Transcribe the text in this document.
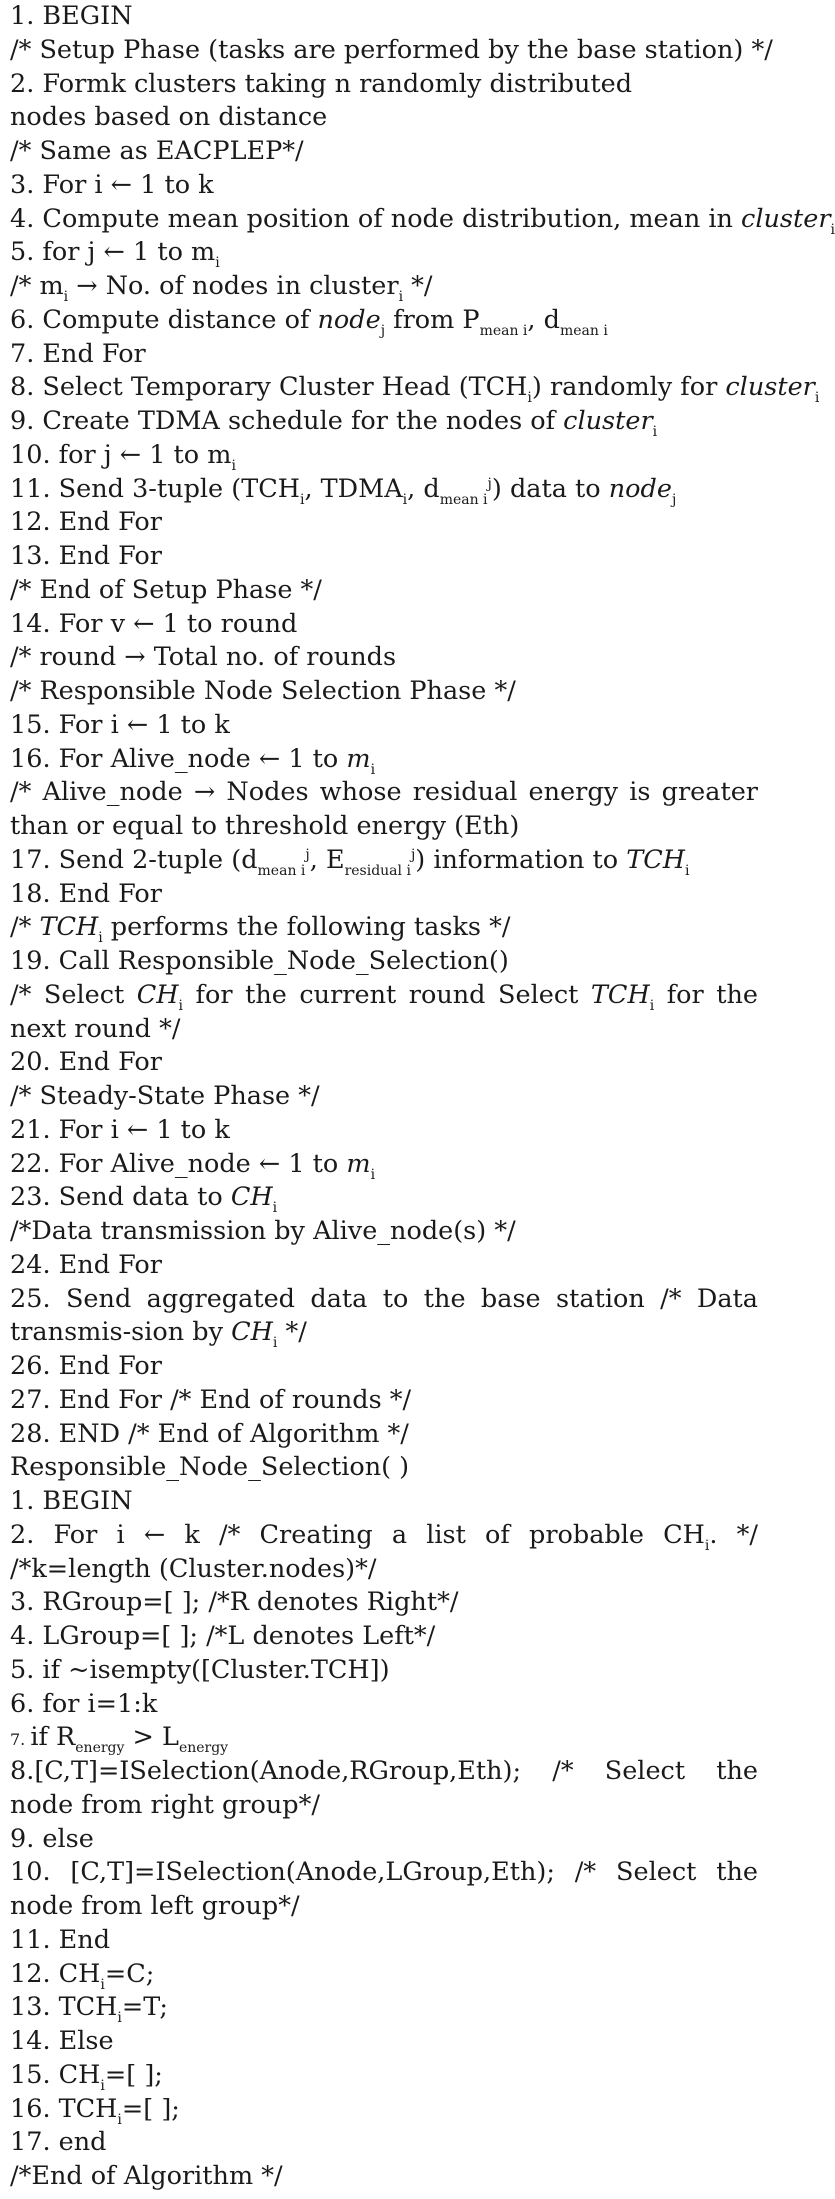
1. BEGIN
/* Setup Phase (tasks are performed by the base station) */
2. Formk clusters taking n randomly distributed
nodes based on distance
/* Same as EACPLEP*/
3. For i ← 1 to k
4. Compute mean position of node distribution, mean in cluster$_i$
5. for j ← 1 to $m_i$
/* $m_i \to No$. of nodes in cluster$_i$ */
6. Compute distance of node$_j$ from $P_{mean i}$, $d_{mean i}$
7. End For
8. Select Temporary Cluster Head $(TCH_i)$ randomly for cluster$_i$
9. Create TDMA schedule for the nodes of cluster$_i$
10. for j ← 1 to $m_i$
11. Send 3-tuple ($TCH_i$, $TDMA_i$, $d_{mean i}^j$) data to node$_j$
12. End For
13. End For
/* End of Setup Phase */
14. For v ← 1 to round
/* round → Total no. of rounds
/* Responsible Node Selection Phase */
15. For i ← 1 to k
16. For Alive_node ← 1 to $m_i$
/* Alive_node → Nodes whose residual energy is greater than or equal to threshold energy (Eth)
17. Send 2-tuple ($d_{mean i}^j$, $E_{residual i}^j$) information to $TCH_i$
18. End For
/* $TCH_i$ performs the following tasks */
19. Call Responsible_Node_Selection()
/* Select $CH_i$ for the current round Select $TCH_i$ for the next round */
20. End For
/* Steady-State Phase */
21. For i ← 1 to k
22. For Alive_node ← 1 to $m_i$
23. Send data to $CH_i$
/*Data transmission by Alive_node(s) */
24. End For
25. Send aggregated data to the base station /* Data transmis-sion by $CH_i$ */
26. End For
27. End For /* End of rounds */
28. END /* End of Algorithm */
Responsible_Node_Selection( )
1. BEGIN
2. For i ← k /* Creating a list of probable $CH_i$. */ /*k=length (Cluster.nodes)*/
3. RGroup=[ ]; /*R denotes Right*/
4. LGroup=[ ]; /*L denotes Left*/
5. if ~isempty([Cluster.TCH])
6. for i=1:k
7. if $R_{energy} > L_{energy}$
8.[C,T]=ISelection(Anode,RGroup,Eth); /* Select the node from right group*/
9. else
10. [C,T]=ISelection(Anode,LGroup,Eth); /* Select the node from left group*/
11. End
12. $CH_i=C$;
13. $TCH_i=T$;
14. Else
15. $CH_i=$[ ];
16. $TCH_i=$[ ];
17. end
/*End of Algorithm */
